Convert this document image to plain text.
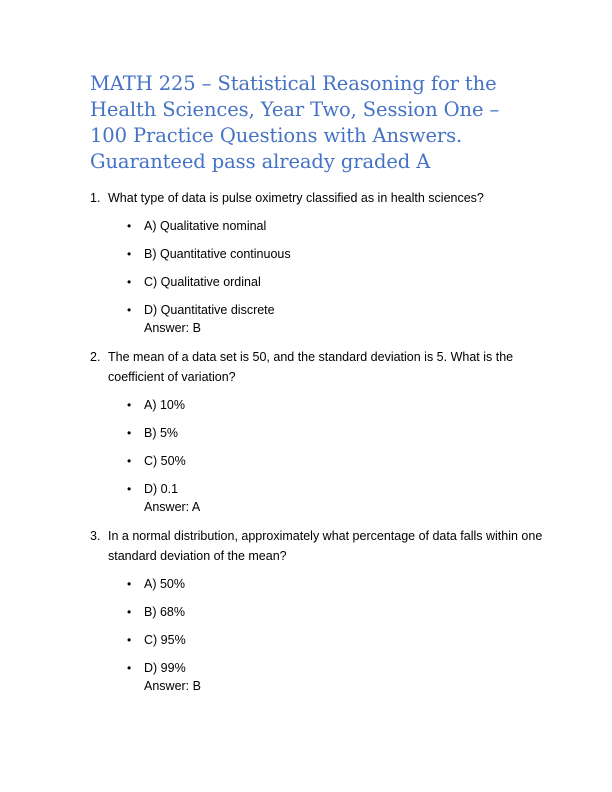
MATH 225 – Statistical Reasoning for the Health Sciences, Year Two, Session One – 100 Practice Questions with Answers. Guaranteed pass already graded A

1. What type of data is pulse oximetry classified as in health sciences?

• A) Qualitative nominal
• B) Quantitative continuous
• C) Qualitative ordinal
• D) Quantitative discrete
Answer: B

2. The mean of a data set is 50, and the standard deviation is 5. What is the coefficient of variation?

• A) 10%
• B) 5%
• C) 50%
• D) 0.1
Answer: A

3. In a normal distribution, approximately what percentage of data falls within one standard deviation of the mean?

• A) 50%
• B) 68%
• C) 95%
• D) 99%
Answer: B
